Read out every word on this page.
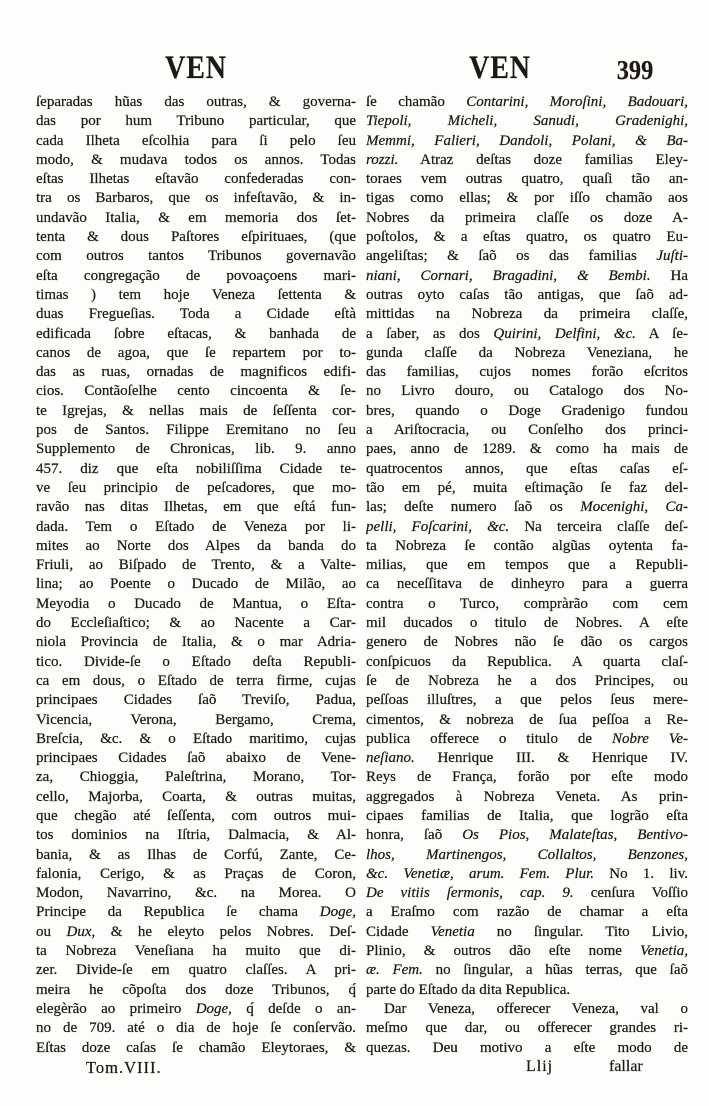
VEN	VEN	399
ſeparadas hũas das outras, & governa-
das por hum Tribuno particular, que
cada Ilheta eſcolhia para ſi pelo ſeu
modo, & mudava todos os annos. Todas
eſtas Ilhetas eſtavão confederadas con-
tra os Barbaros, que os infeſtavão, & in-
undavão Italia, & em memoria dos ſet-
tenta & dous Paſtores eſpirituaes, (que
com outros tantos Tribunos governavão
eſta congregação de povoaçoens mari-
timas ) tem hoje Veneza ſettenta &
duas Fregueſias. Toda a Cidade eſtà
edificada ſobre eſtacas, & banhada de
canos de agoa, que ſe repartem por to-
das as ruas, ornadas de magnificos edifi-
cios. Contãoſelhe cento cincoenta & ſe-
te Igrejas, & nellas mais de ſeſſenta cor-
pos de Santos. Filippe Eremitano no ſeu
Supplemento de Chronicas, lib. 9. anno
457. diz que eſta nobiliſſima Cidade te-
ve ſeu principio de peſcadores, que mo-
ravão nas ditas Ilhetas, em que eſtá fun-
dada. Tem o Eſtado de Veneza por li-
mites ao Norte dos Alpes da banda do
Friuli, ao Biſpado de Trento, & a Valte-
lina; ao Poente o Ducado de Milão, ao
Meyodia o Ducado de Mantua, o Eſta-
do Eccleſiaſtico; & ao Nacente a Car-
niola Provincia de Italia, & o mar Adria-
tico. Divide-ſe o Eſtado deſta Republi-
ca em dous, o Eſtado de terra firme, cujas
principaes Cidades ſaõ Treviſo, Padua,
Vicencia, Verona, Bergamo, Crema,
Breſcia, &c. & o Eſtado maritimo, cujas
principaes Cidades ſaõ abaixo de Vene-
za, Chioggia, Paleſtrina, Morano, Tor-
cello, Majorba, Coarta, & outras muitas,
que chegão até ſeſſenta, com outros mui-
tos dominios na Iſtria, Dalmacia, & Al-
bania, & as Ilhas de Corfú, Zante, Ce-
falonia, Cerigo, & as Praças de Coron,
Modon, Navarrino, &c. na Morea. O
Principe da Republica ſe chama Doge,
ou Dux, & he eleyto pelos Nobres. Deſ-
ta Nobreza Veneſiana ha muito que di-
zer. Divide-ſe em quatro claſſes. A pri-
meira he cõpoſta dos doze Tribunos, q́
elegèrão ao primeiro Doge, q́ deſde o an-
no de 709. até o dia de hoje ſe conſervão.
Eſtas doze caſas ſe chamão Eleytoraes, &
Tom.VIII.
ſe chamão Contarini, Moroſini, Badouari,
Tiepoli, Micheli, Sanudi, Gradenighi,
Memmi, Falieri, Dandoli, Polani, & Ba-
rozzi. Atraz deſtas doze familias Eley-
toraes vem outras quatro, quaſi tão an-
tigas como ellas; & por iſſo chamão aos
Nobres da primeira claſſe os doze A-
poſtolos, & a eſtas quatro, os quatro Eu-
angeliſtas; & ſaõ os das familias Juſti-
niani, Cornari, Bragadini, & Bembi. Ha
outras oyto caſas tão antigas, que ſaõ ad-
mittidas na Nobreza da primeira claſſe,
a ſaber, as dos Quirini, Delfini, &c. A ſe-
gunda claſſe da Nobreza Veneziana, he
das familias, cujos nomes forão eſcritos
no Livro douro, ou Catalogo dos No-
bres, quando o Doge Gradenigo fundou
a Ariſtocracia, ou Conſelho dos princi-
paes, anno de 1289. & como ha mais de
quatrocentos annos, que eſtas caſas eſ-
tão em pé, muita eſtimação ſe faz del-
las; deſte numero ſaõ os Mocenighi, Ca-
pelli, Foſcarini, &c. Na terceira claſſe deſ-
ta Nobreza ſe contão algũas oytenta fa-
milias, que em tempos que a Republi-
ca neceſſitava de dinheyro para a guerra
contra o Turco, compràrão com cem
mil ducados o titulo de Nobres. A eſte
genero de Nobres não ſe dão os cargos
conſpicuos da Republica. A quarta claſ-
ſe de Nobreza he a dos Principes, ou
peſſoas illuſtres, a que pelos ſeus mere-
cimentos, & nobreza de ſua peſſoa a Re-
publica offerece o titulo de Nobre Ve-
neſiano. Henrique III. & Henrique IV.
Reys de França, forão por eſte modo
aggregados à Nobreza Veneta. As prin-
cipaes familias de Italia, que logrão eſta
honra, ſaõ Os Pios, Malateſtas, Bentivo-
lhos, Martinengos, Collaltos, Benzones,
&c. Venetiæ, arum. Fem. Plur. No 1. liv.
De vitiis ſermonis, cap. 9. cenſura Voſſio
a Eraſmo com razão de chamar a eſta
Cidade Venetia no ſingular. Tito Livio,
Plinio, & outros dão eſte nome Venetia,
æ. Fem. no ſingular, a hũas terras, que ſaõ
parte do Eſtado da dita Republica.
Dar Veneza, offerecer Veneza, val o
meſmo que dar, ou offerecer grandes ri-
quezas. Deu motivo a eſte modo de
Llij	fallar
